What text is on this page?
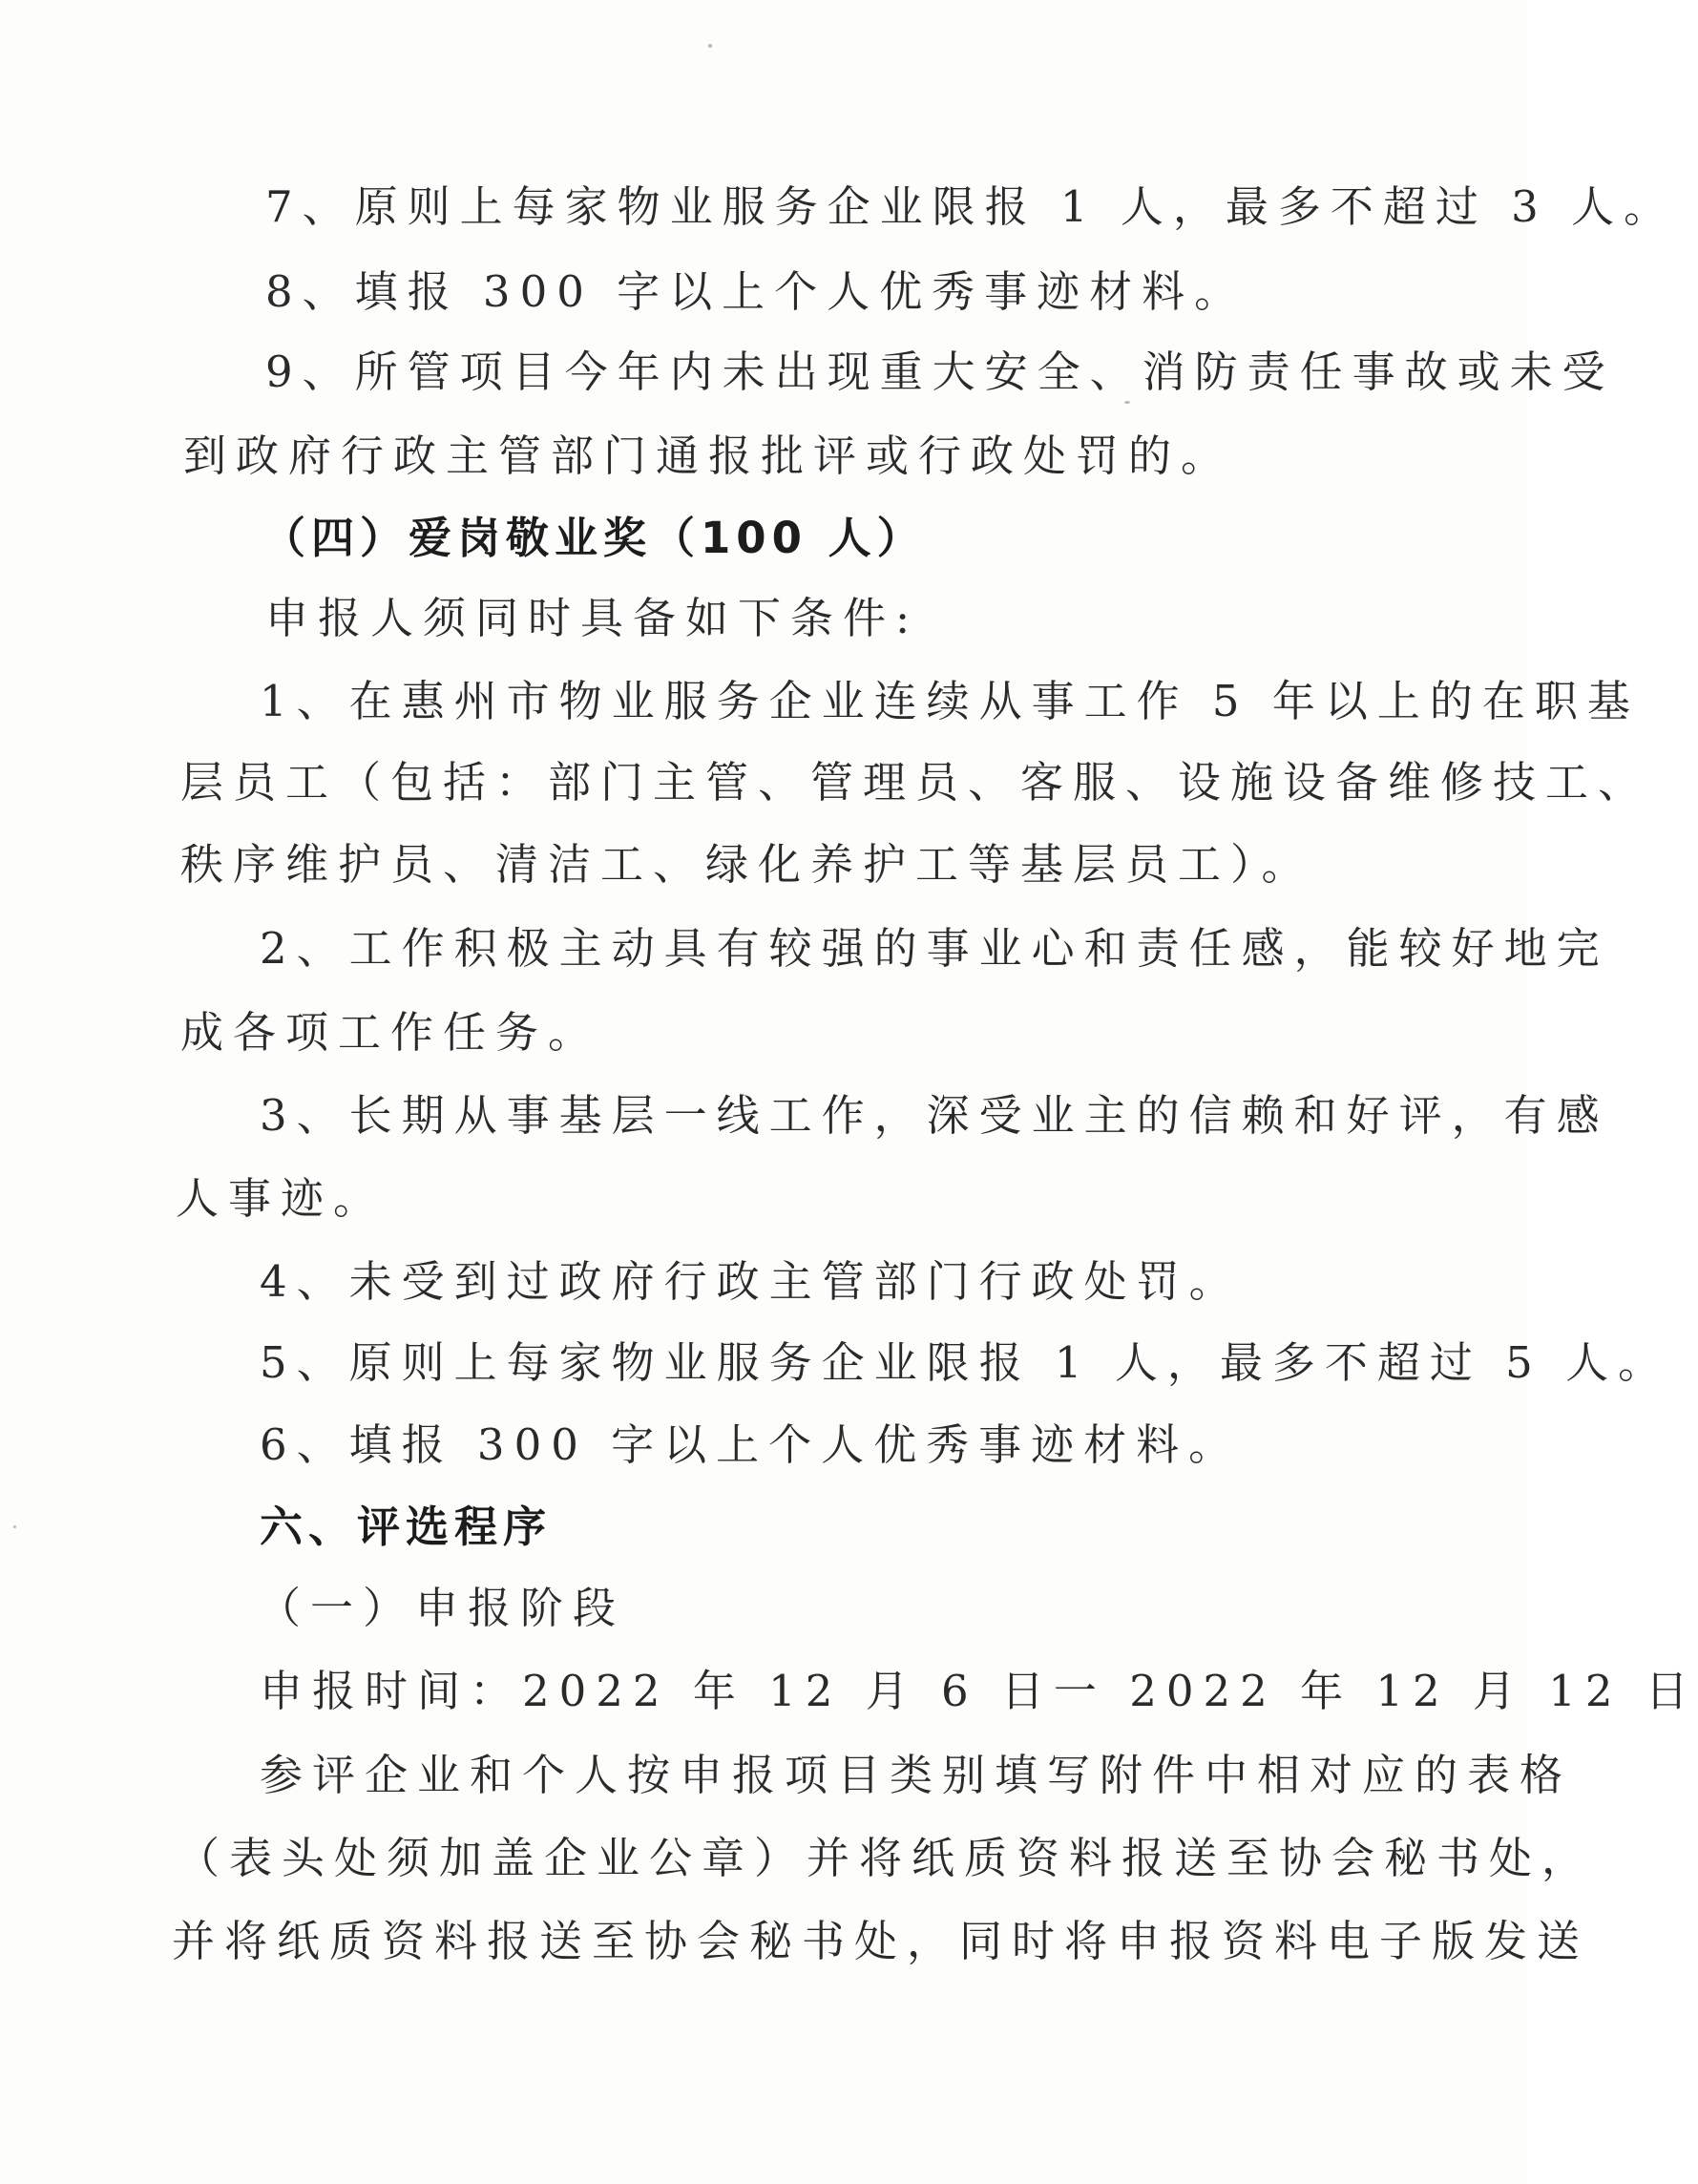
7、原则上每家物业服务企业限报 1 人，最多不超过 3 人。
8、填报 300 字以上个人优秀事迹材料。
9、所管项目今年内未出现重大安全、消防责任事故或未受
到政府行政主管部门通报批评或行政处罚的。
（四）爱岗敬业奖（100 人）
申报人须同时具备如下条件:
1、在惠州市物业服务企业连续从事工作 5 年以上的在职基
层员工（包括：部门主管、管理员、客服、设施设备维修技工、
秩序维护员、清洁工、绿化养护工等基层员工）。
2、工作积极主动具有较强的事业心和责任感，能较好地完
成各项工作任务。
3、长期从事基层一线工作，深受业主的信赖和好评，有感
人事迹。
4、未受到过政府行政主管部门行政处罚。
5、原则上每家物业服务企业限报 1 人，最多不超过 5 人。
6、填报 300 字以上个人优秀事迹材料。
六、评选程序
（一）申报阶段
申报时间：2022 年 12 月 6 日一 2022 年 12 月 12 日
参评企业和个人按申报项目类别填写附件中相对应的表格
（表头处须加盖企业公章）并将纸质资料报送至协会秘书处，
并将纸质资料报送至协会秘书处，同时将申报资料电子版发送
